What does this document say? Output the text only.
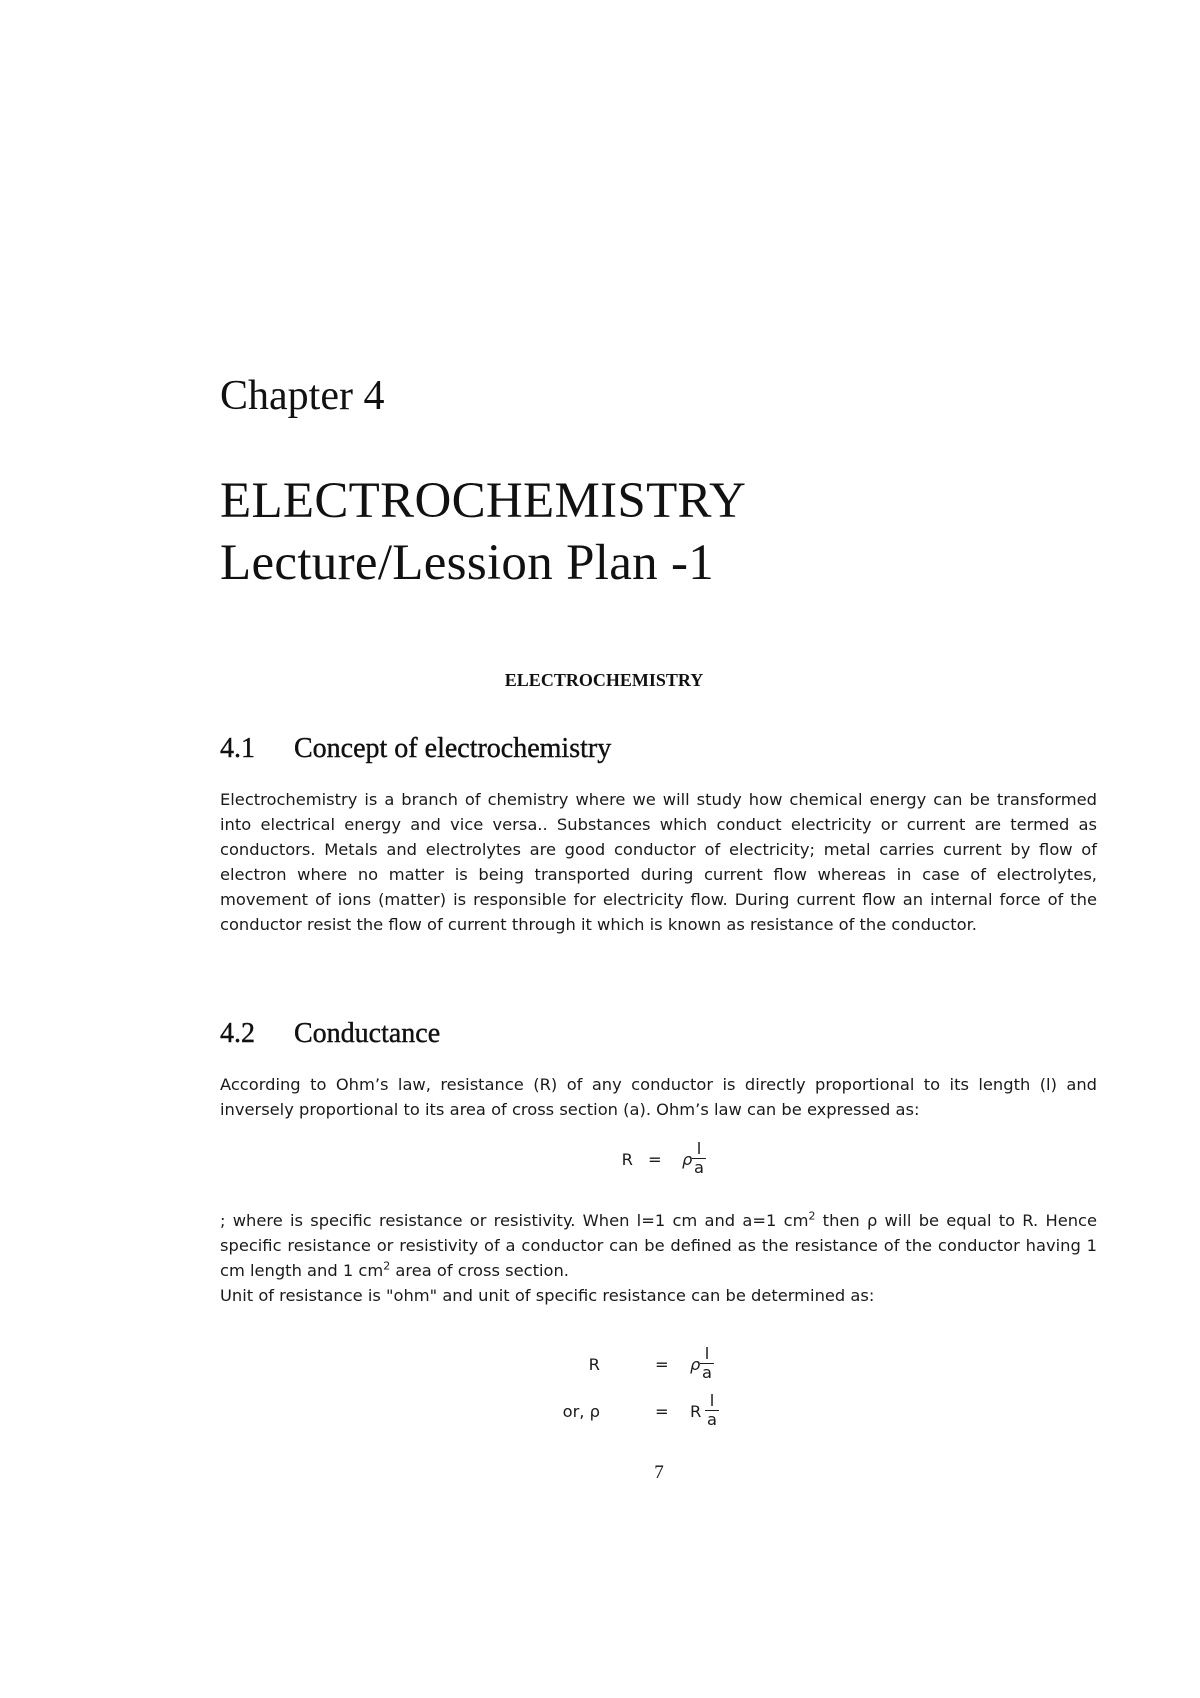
Chapter 4
ELECTROCHEMISTRY
Lecture/Lession Plan -1

ELECTROCHEMISTRY

4.1 Concept of electrochemistry

Electrochemistry is a branch of chemistry where we will study how chemical energy can be transformed into electrical energy and vice versa.. Substances which conduct electricity or current are termed as conductors. Metals and electrolytes are good conductor of electricity; metal carries current by flow of electron where no matter is being transported during current flow whereas in case of electrolytes, movement of ions (matter) is responsible for electricity flow. During current flow an internal force of the conductor resist the flow of current through it which is known as resistance of the conductor.

4.2 Conductance

According to Ohm’s law, resistance (R) of any conductor is directly proportional to its length (l) and inversely proportional to its area of cross section (a). Ohm’s law can be expressed as:

R = ρ $\frac{l}{a}$

; where is specific resistance or resistivity. When l=1 cm and a=1 $cm^2$ then ρ will be equal to R. Hence specific resistance or resistivity of a conductor can be defined as the resistance of the conductor having 1 cm length and 1 $cm^2$ area of cross section.

Unit of resistance is "ohm" and unit of specific resistance can be determined as:

R	= ρ $\frac{l}{a}$
or, ρ	= R $\frac{l}{a}$

7
